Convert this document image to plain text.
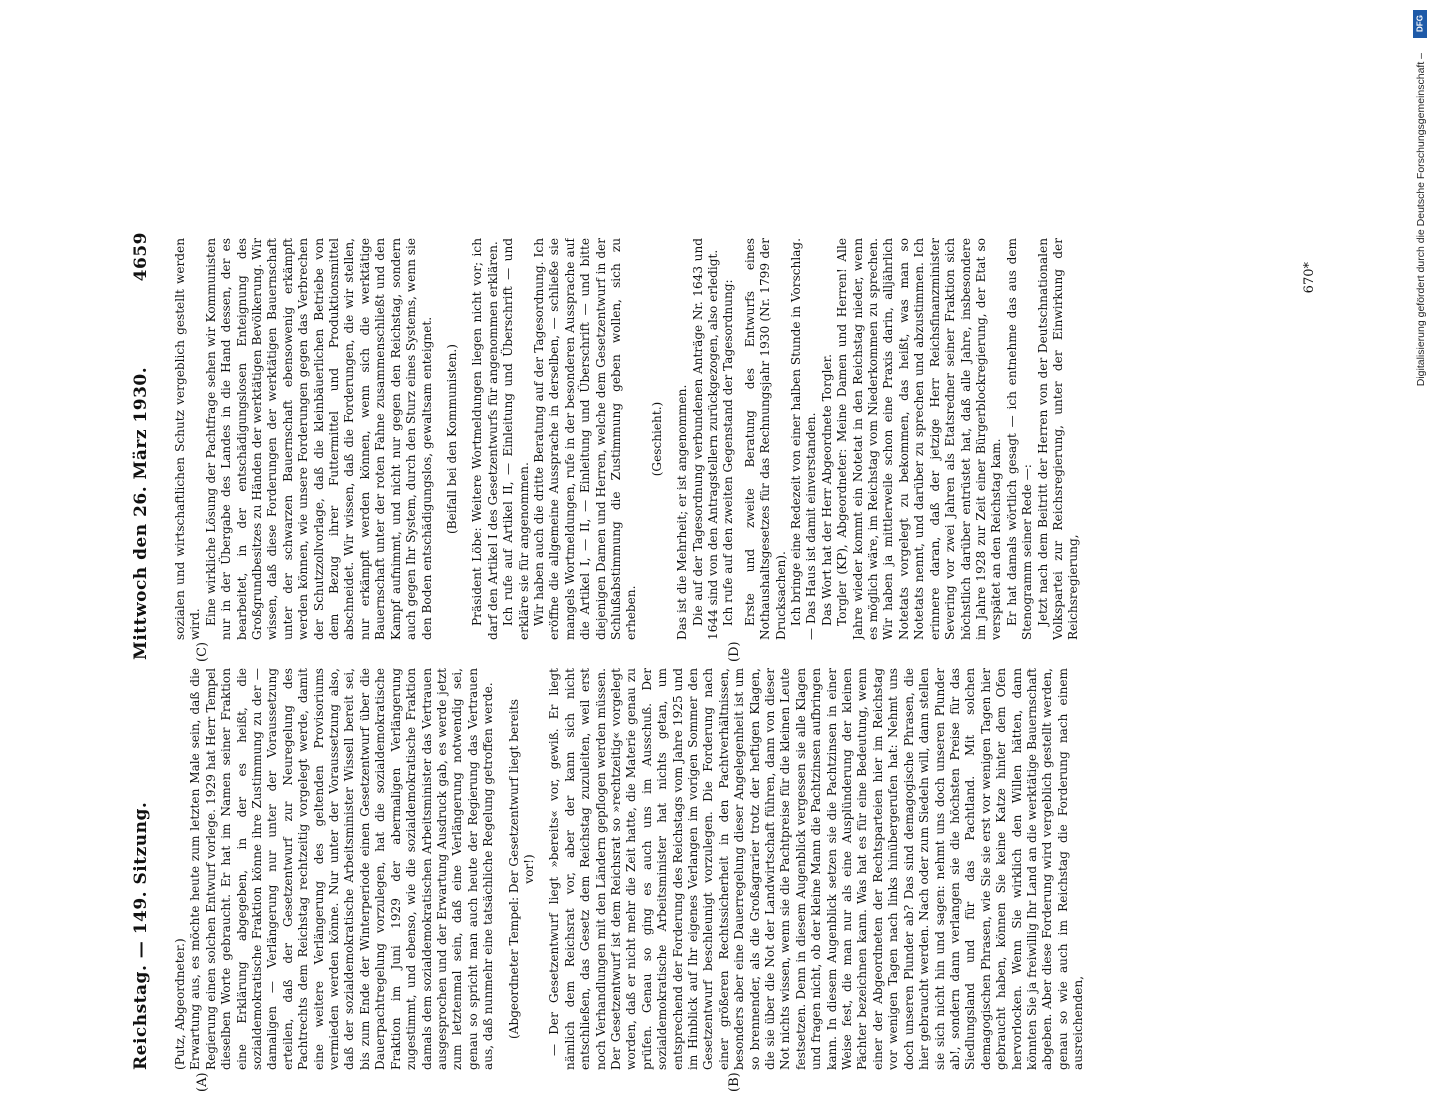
Reichstag. — 149. Sitzung.
Mittwoch den 26. März 1930.
4659
(A)	(B)
(C)	(D)

(Putz, Abgeordneter.) Erwartung aus, es möchte heute zum letzten Male sein, daß die Regierung einen solchen Entwurf vorlege. 1929 hat Herr Tempel dieselben Worte gebraucht. Er hat im Namen seiner Fraktion eine Erklärung abgegeben, in der es heißt, die sozialdemokratische Fraktion könne ihre Zustimmung zu der — damaligen — Verlängerung nur unter der Voraussetzung erteilen, daß der Gesetzentwurf zur Neuregelung des Pachtrechts dem Reichstag rechtzeitig vorgelegt werde, damit eine weitere Verlängerung des geltenden Provisoriums vermieden werden könne. Nur unter der Voraussetzung also, daß der sozialdemokratische Arbeitsminister Wissell bereit sei, bis zum Ende der Winterperiode einen Gesetzentwurf über die Dauerpachtregelung vorzulegen, hat die sozialdemokratische Fraktion im Juni 1929 der abermaligen Verlängerung zugestimmt, und ebenso, wie die sozialdemokratische Fraktion damals dem sozialdemokratischen Arbeitsminister das Vertrauen ausgesprochen und der Erwartung Ausdruck gab, es werde jetzt zum letztenmal sein, daß eine Verlängerung notwendig sei, genau so spricht man auch heute der Regierung das Vertrauen aus, daß nunmehr eine tatsächliche Regelung getroffen werde. (Abgeordneter Tempel: Der Gesetzentwurf liegt bereits vor!) — Der Gesetzentwurf liegt »bereits« vor, gewiß. Er liegt nämlich dem Reichsrat vor, aber der kann sich nicht entschließen, das Gesetz dem Reichstag zuzuleiten, weil erst noch Verhandlungen mit den Ländern gepflogen werden müssen. Der Gesetzentwurf ist dem Reichsrat so »rechtzeitig« vorgelegt worden, daß er nicht mehr die Zeit hatte, die Materie genau zu prüfen. Genau so ging es auch uns im Ausschuß. Der sozialdemokratische Arbeitsminister hat nichts getan, um entsprechend der Forderung des Reichstags vom Jahre 1925 und im Hinblick auf Ihr eigenes Verlangen im vorigen Sommer den Gesetzentwurf beschleunigt vorzulegen. Die Forderung nach einer größeren Rechtssicherheit in den Pachtverhältnissen, besonders aber eine Dauerregelung dieser Angelegenheit ist um so brennender, als die Großagrarier trotz der heftigen Klagen, die sie über die Not der Landwirtschaft führen, dann von dieser Not nichts wissen, wenn sie die Pachtpreise für die kleinen Leute festsetzen. Denn in diesem Augenblick vergessen sie alle Klagen und fragen nicht, ob der kleine Mann die Pachtzinsen aufbringen kann. In diesem Augenblick setzen sie die Pachtzinsen in einer Weise fest, die man nur als eine Ausplünderung der kleinen Pächter bezeichnen kann. Was hat es für eine Bedeutung, wenn einer der Abgeordneten der Rechtsparteien hier im Reichstag vor wenigen Tagen nach links hinübergerufen hat: Nehmt uns doch unseren Plunder ab? Das sind demagogische Phrasen, die hier gebraucht werden. Nach oder zum Siedeln will, dann stellen sie sich nicht hin und sagen: nehmt uns doch unseren Plunder ab!, sondern dann verlangen sie die höchsten Preise für das Siedlungsland und für das Pachtland. Mit solchen demagogischen Phrasen, wie Sie sie erst vor wenigen Tagen hier gebraucht haben, können Sie keine Katze hinter dem Ofen hervorlocken. Wenn Sie wirklich den Willen hätten, dann könnten Sie ja freiwillig Ihr Land an die werktätige Bauernschaft abgeben. Aber diese Forderung wird vergeblich gestellt werden, genau so wie auch im Reichstag die Forderung nach einem ausreichenden,

sozialen und wirtschaftlichen Schutz vergeblich gestellt werden wird. Eine wirkliche Lösung der Pachtfrage sehen wir Kommunisten nur in der Übergabe des Landes in die Hand dessen, der es bearbeitet, in der entschädigungslosen Enteignung des Großgrundbesitzes zu Händen der werktätigen Bevölkerung. Wir wissen, daß diese Forderungen der werktätigen Bauernschaft unter der schwarzen Bauernschaft ebensowenig erkämpft werden können, wie unsere Forderungen gegen das Verbrechen der Schutzzollvorlage, daß die kleinbäuerlichen Betriebe von dem Bezug ihrer Futtermittel und Produktionsmittel abschneidet. Wir wissen, daß die Forderungen, die wir stellen, nur erkämpft werden können, wenn sich die werktätige Bauernschaft unter der roten Fahne zusammenschließt und den Kampf aufnimmt, und nicht nur gegen den Reichstag, sondern auch gegen Ihr System, durch den Sturz eines Systems, wenn sie den Boden entschädigungslos, gewaltsam enteignet. (Beifall bei den Kommunisten.) Präsident Löbe: Weitere Wortmeldungen liegen nicht vor; ich darf den Artikel I des Gesetzentwurfs für angenommen erklären. Ich rufe auf Artikel II, — Einleitung und Überschrift — und erkläre sie für angenommen. Wir haben auch die dritte Beratung auf der Tagesordnung. Ich eröffne die allgemeine Aussprache in derselben, — schließe sie mangels Wortmeldungen, rufe in der besonderen Aussprache auf die Artikel I, — II, — Einleitung und Überschrift — und bitte diejenigen Damen und Herren, welche dem Gesetzentwurf in der Schlußabstimmung die Zustimmung geben wollen, sich zu erheben.

(Geschieht.) Das ist die Mehrheit; er ist angenommen. Die auf der Tagesordnung verbundenen Anträge Nr. 1643 und 1644 sind von den Antragstellern zurückgezogen, also erledigt. Ich rufe auf den zweiten Gegenstand der Tagesordnung: Erste und zweite Beratung des Entwurfs eines Nothaushaltsgesetzes für das Rechnungsjahr 1930 (Nr. 1799 der Drucksachen). Ich bringe eine Redezeit von einer halben Stunde in Vorschlag. — Das Haus ist damit einverstanden. Das Wort hat der Herr Abgeordnete Torgler. Torgler (KP), Abgeordneter: Meine Damen und Herren! Alle Jahre wieder kommt ein Notetat in den Reichstag nieder, wenn es möglich wäre, im Reichstag vom Niederkommen zu sprechen. Wir haben ja mittlerweile schon eine Praxis darin, alljährlich Notetats vorgelegt zu bekommen, das heißt, was man so Notetats nennt, und darüber zu sprechen und abzustimmen. Ich erinnere daran, daß der jetzige Herr Reichsfinanzminister Severing vor zwei Jahren als Etatsredner seiner Fraktion sich höchstlich darüber entrüstet hat, daß alle Jahre, insbesondere im Jahre 1928 zur Zeit einer Bürgerblockregierung, der Etat so verspätet an den Reichstag kam. Er hat damals wörtlich gesagt — ich entnehme das aus dem Stenogramm seiner Rede —: Jetzt nach dem Beitritt der Herren von der Deutschnationalen Volkspartei zur Reichsregierung, unter der Einwirkung der Reichsregierung,

670*	Digitalisierung gefördert durch die Deutsche Forschungsgemeinschaft –
DFG
